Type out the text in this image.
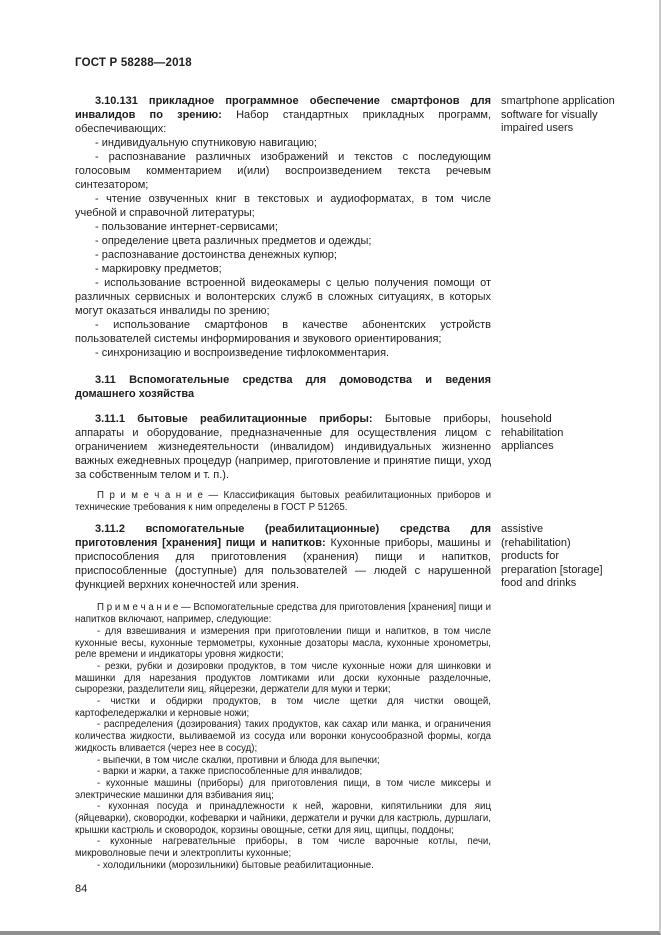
ГОСТ Р 58288—2018

3.10.131 прикладное программное обеспечение смартфонов для инвалидов по зрению: Набор стандартных прикладных программ, обеспечивающих:

smartphone application software for visually impaired users

- индивидуальную спутниковую навигацию;

- распознавание различных изображений и текстов с последующим голосовым комментарием и(или) воспроизведением текста речевым синтезатором;

- чтение озвученных книг в текстовых и аудиоформатах, в том числе учебной и справочной литературы;

- пользование интернет-сервисами;

- определение цвета различных предметов и одежды;

- распознавание достоинства денежных купюр;

- маркировку предметов;

- использование встроенной видеокамеры с целью получения помощи от различных сервисных и волонтерских служб в сложных ситуациях, в которых могут оказаться инвалиды по зрению;

- использование смартфонов в качестве абонентских устройств пользователей системы информирования и звукового ориентирования;

- синхронизацию и воспроизведение тифлокомментария.

3.11 Вспомогательные средства для домоводства и ведения домашнего хозяйства

3.11.1 бытовые реабилитационные приборы: Бытовые приборы, аппараты и оборудование, предназначенные для осуществления лицом с ограничением жизнедеятельности (инвалидом) индивидуальных жизненно важных ежедневных процедур (например, приготовление и принятие пищи, уход за собственным телом и т. п.).

household rehabilitation appliances

П р и м е ч а н и е — Классификация бытовых реабилитационных приборов и технические требования к ним определены в ГОСТ Р 51265.

3.11.2 вспомогательные (реабилитационные) средства для приготовления [хранения] пищи и напитков: Кухонные приборы, машины и приспособления для приготовления (хранения) пищи и напитков, приспособленные (доступные) для пользователей — людей с нарушенной функцией верхних конечностей или зрения.

assistive (rehabilitation) products for preparation [storage] food and drinks

П р и м е ч а н и е — Вспомогательные средства для приготовления [хранения] пищи и напитков включают, например, следующие:

- для взвешивания и измерения при приготовлении пищи и напитков, в том числе кухонные весы, кухонные термометры, кухонные дозаторы масла, кухонные хронометры, реле времени и индикаторы уровня жидкости;

- резки, рубки и дозировки продуктов, в том числе кухонные ножи для шинковки и машинки для нарезания продуктов ломтиками или доски кухонные разделочные, сырорезки, разделители яиц, яйцерезки, держатели для муки и терки;

- чистки и обдирки продуктов, в том числе щетки для чистки овощей, картофеледержалки и керновые ножи;

- распределения (дозирования) таких продуктов, как сахар или манка, и ограничения количества жидкости, выливаемой из сосуда или воронки конусообразной формы, когда жидкость вливается (через нее в сосуд);

- выпечки, в том числе скалки, противни и блюда для выпечки;

- варки и жарки, а также приспособленные для инвалидов;

- кухонные машины (приборы) для приготовления пищи, в том числе миксеры и электрические машинки для взбивания яиц;

- кухонная посуда и принадлежности к ней, жаровни, кипятильники для яиц (яйцеварки), сковородки, кофеварки и чайники, держатели и ручки для кастрюль, дуршлаги, крышки кастрюль и сковородок, корзины овощные, сетки для яиц, щипцы, поддоны;

- кухонные нагревательные приборы, в том числе варочные котлы, печи, микроволновые печи и электроплиты кухонные;

- холодильники (морозильники) бытовые реабилитационные.

84
